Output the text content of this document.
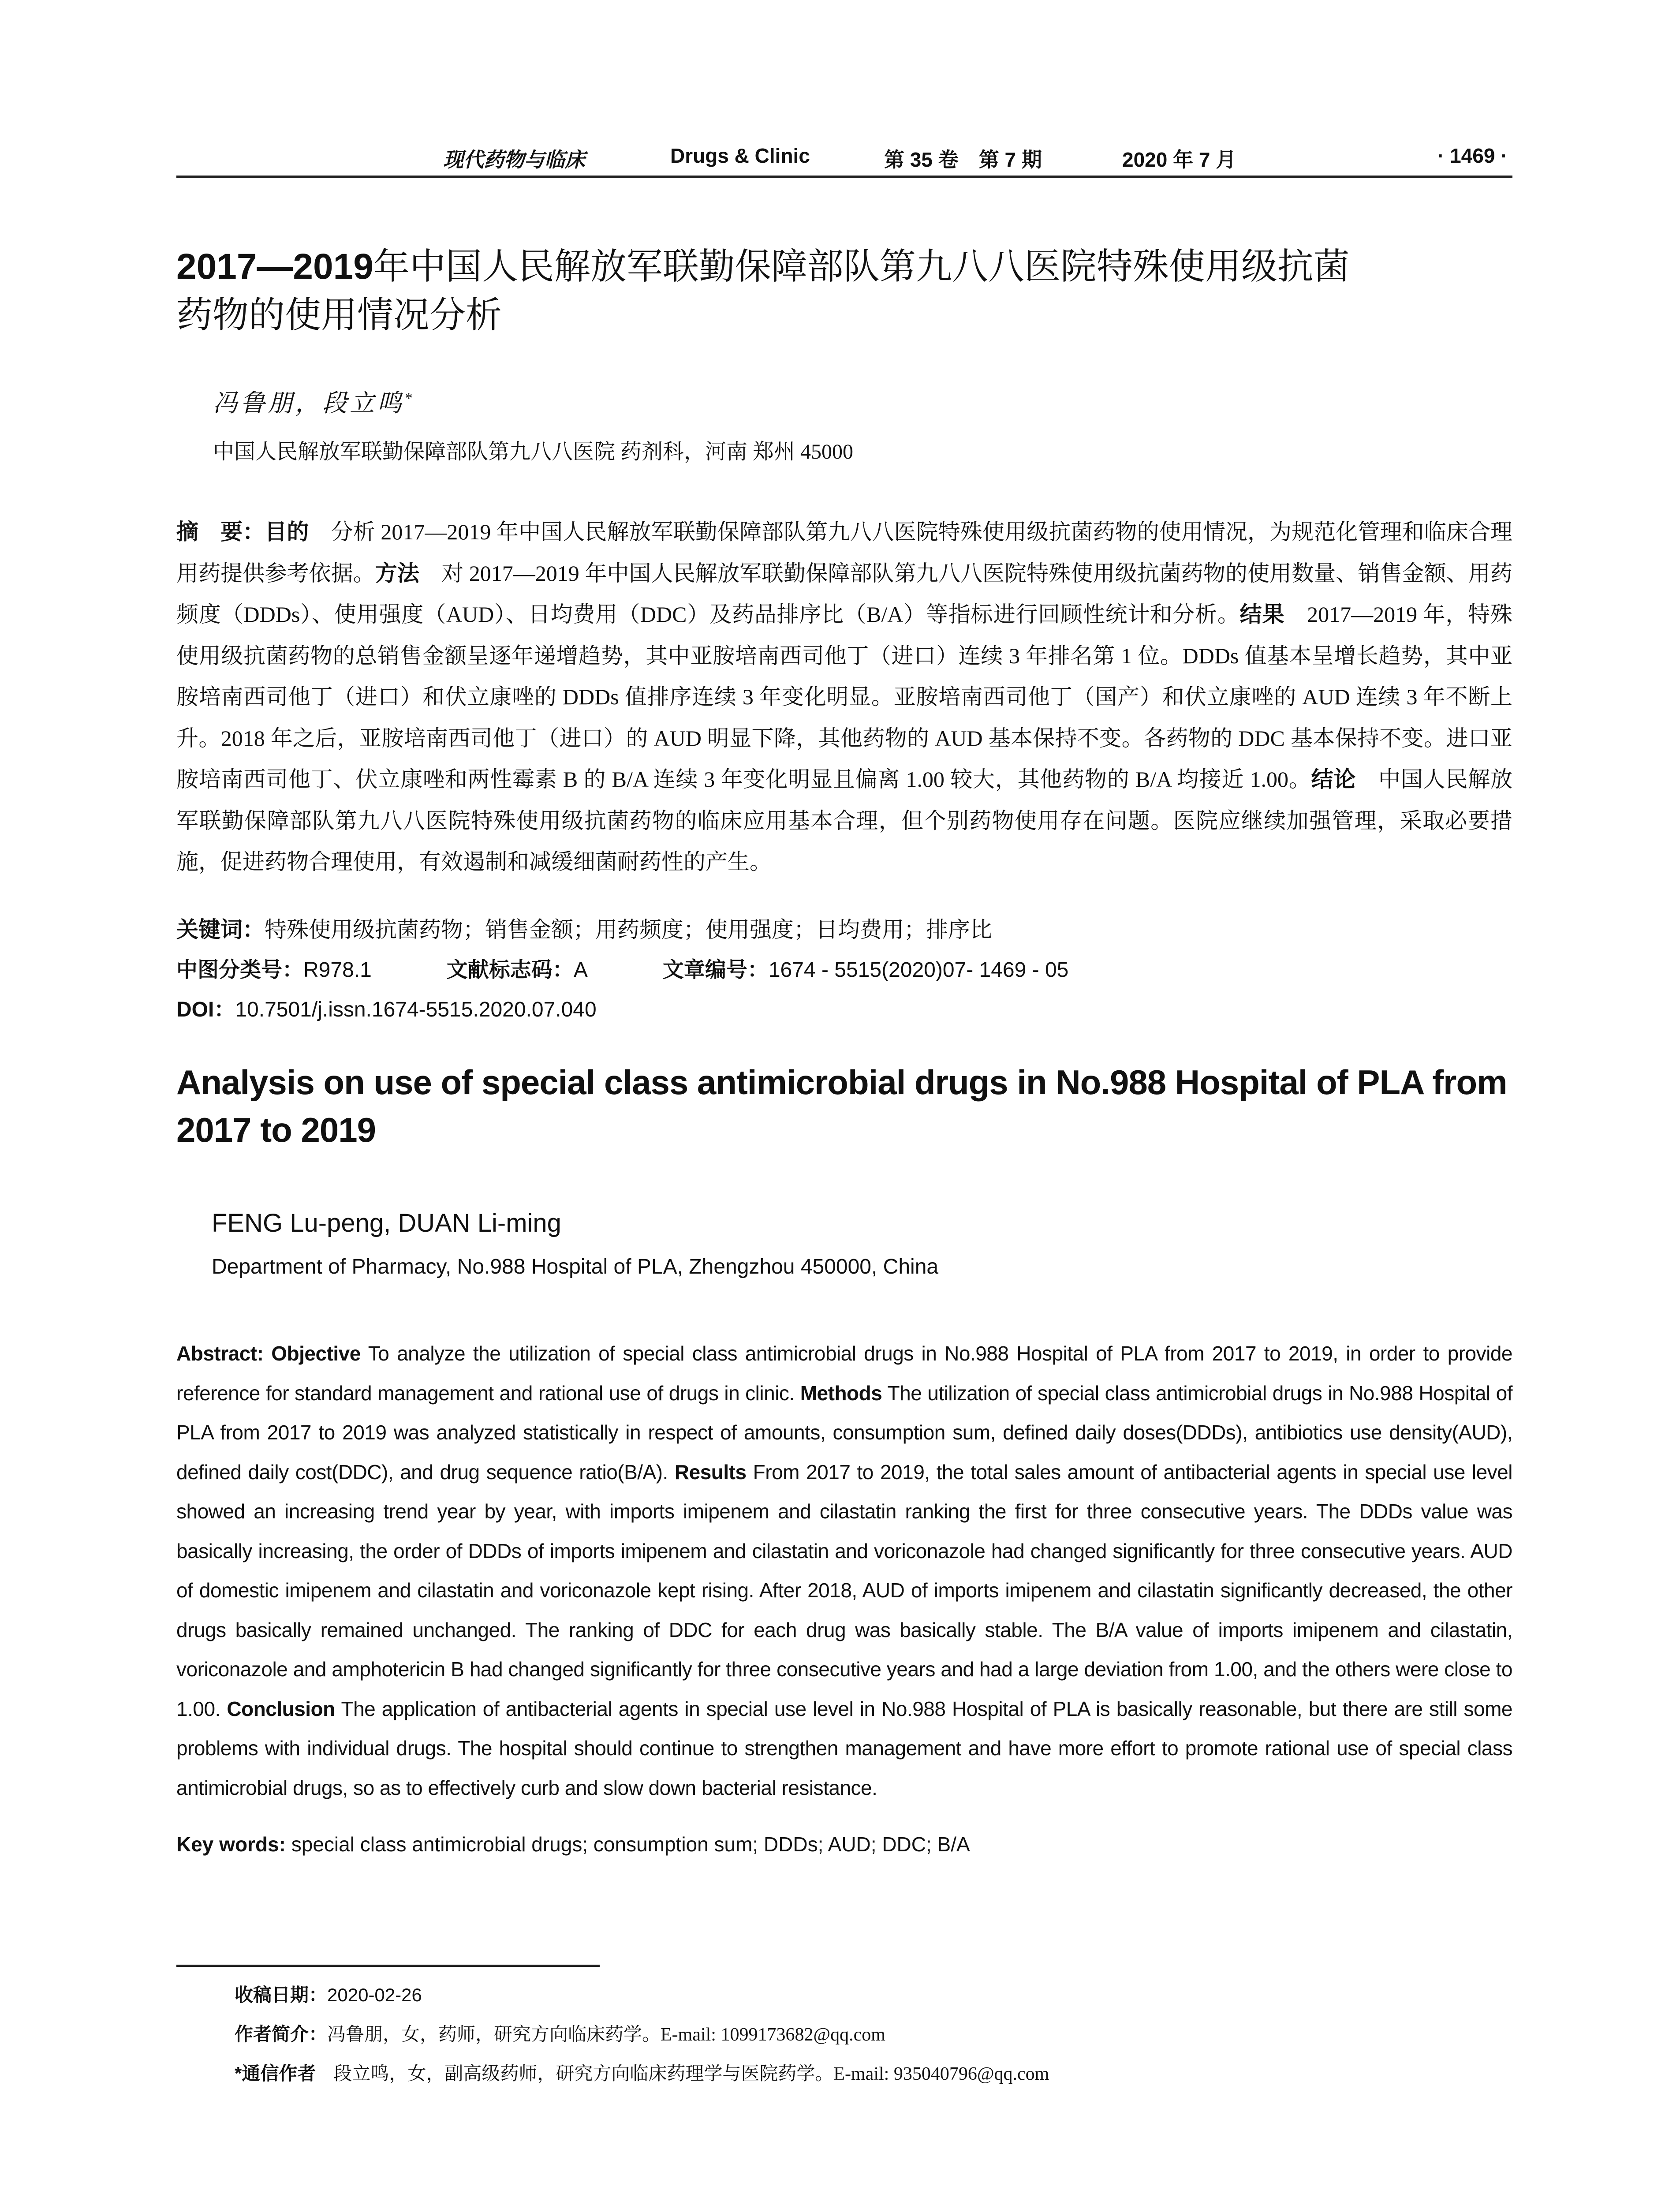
现代药物与临床	Drugs & Clinic	第 35 卷　第 7 期	2020 年 7 月	· 1469 ·
2017—2019年中国人民解放军联勤保障部队第九八八医院特殊使用级抗菌
药物的使用情况分析
冯鲁朋，段立鸣*
中国人民解放军联勤保障部队第九八八医院 药剂科，河南 郑州 45000
摘　要：目的　分析 2017—2019 年中国人民解放军联勤保障部队第九八八医院特殊使用级抗菌药物的使用情况，为规范化管理和临床合理用药提供参考依据。方法　对 2017—2019 年中国人民解放军联勤保障部队第九八八医院特殊使用级抗菌药物的使用数量、销售金额、用药频度（DDDs）、使用强度（AUD）、日均费用（DDC）及药品排序比（B/A）等指标进行回顾性统计和分析。结果　2017—2019 年，特殊使用级抗菌药物的总销售金额呈逐年递增趋势，其中亚胺培南西司他丁（进口）连续 3 年排名第 1 位。DDDs 值基本呈增长趋势，其中亚胺培南西司他丁（进口）和伏立康唑的 DDDs 值排序连续 3 年变化明显。亚胺培南西司他丁（国产）和伏立康唑的 AUD 连续 3 年不断上升。2018 年之后，亚胺培南西司他丁（进口）的 AUD 明显下降，其他药物的 AUD 基本保持不变。各药物的 DDC 基本保持不变。进口亚胺培南西司他丁、伏立康唑和两性霉素 B 的 B/A 连续 3 年变化明显且偏离 1.00 较大，其他药物的 B/A 均接近 1.00。结论　中国人民解放军联勤保障部队第九八八医院特殊使用级抗菌药物的临床应用基本合理，但个别药物使用存在问题。医院应继续加强管理，采取必要措施，促进药物合理使用，有效遏制和减缓细菌耐药性的产生。
关键词：特殊使用级抗菌药物；销售金额；用药频度；使用强度；日均费用；排序比
中图分类号：R978.1	文献标志码：A	文章编号：1674 - 5515(2020)07- 1469 - 05
DOI：10.7501/j.issn.1674-5515.2020.07.040
Analysis on use of special class antimicrobial drugs in No.988 Hospital of PLA from 2017 to 2019
FENG Lu-peng, DUAN Li-ming
Department of Pharmacy, No.988 Hospital of PLA, Zhengzhou 450000, China
Abstract: Objective To analyze the utilization of special class antimicrobial drugs in No.988 Hospital of PLA from 2017 to 2019, in order to provide reference for standard management and rational use of drugs in clinic. Methods The utilization of special class antimicrobial drugs in No.988 Hospital of PLA from 2017 to 2019 was analyzed statistically in respect of amounts, consumption sum, defined daily doses(DDDs), antibiotics use density(AUD), defined daily cost(DDC), and drug sequence ratio(B/A). Results From 2017 to 2019, the total sales amount of antibacterial agents in special use level showed an increasing trend year by year, with imports imipenem and cilastatin ranking the first for three consecutive years. The DDDs value was basically increasing, the order of DDDs of imports imipenem and cilastatin and voriconazole had changed significantly for three consecutive years. AUD of domestic imipenem and cilastatin and voriconazole kept rising. After 2018, AUD of imports imipenem and cilastatin significantly decreased, the other drugs basically remained unchanged. The ranking of DDC for each drug was basically stable. The B/A value of imports imipenem and cilastatin, voriconazole and amphotericin B had changed significantly for three consecutive years and had a large deviation from 1.00, and the others were close to 1.00. Conclusion The application of antibacterial agents in special use level in No.988 Hospital of PLA is basically reasonable, but there are still some problems with individual drugs. The hospital should continue to strengthen management and have more effort to promote rational use of special class antimicrobial drugs, so as to effectively curb and slow down bacterial resistance.
Key words: special class antimicrobial drugs; consumption sum; DDDs; AUD; DDC; B/A
收稿日期：2020-02-26
作者简介：冯鲁朋，女，药师，研究方向临床药学。E-mail: 1099173682@qq.com
*通信作者 段立鸣，女，副高级药师，研究方向临床药理学与医院药学。E-mail: 935040796@qq.com
